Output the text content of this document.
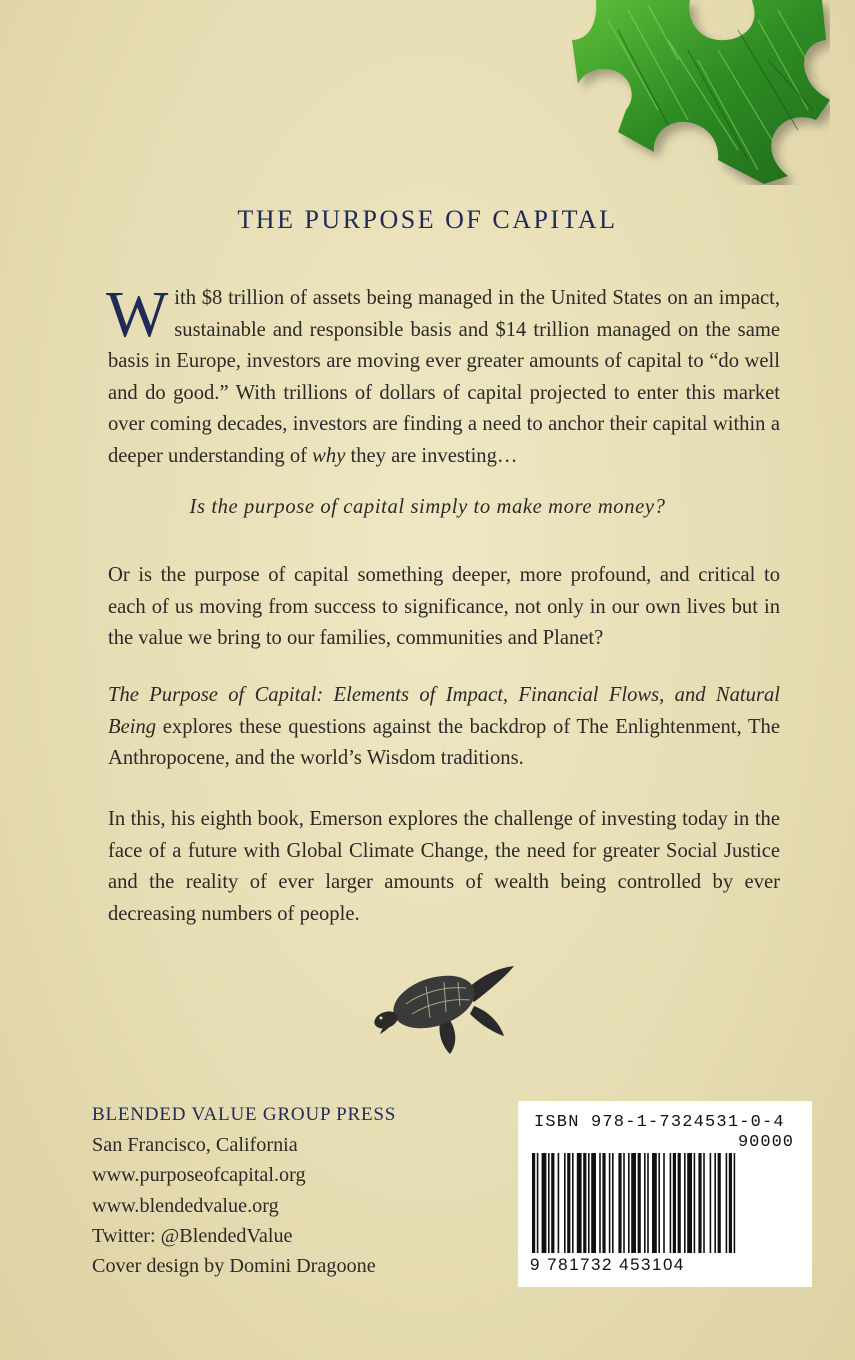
THE PURPOSE OF CAPITAL
With $8 trillion of assets being managed in the United States on an impact, sustainable and responsible basis and $14 trillion managed on the same basis in Europe, investors are moving ever greater amounts of capital to “do well and do good.” With trillions of dollars of capital projected to enter this market over coming decades, investors are finding a need to anchor their capital within a deeper understanding of why they are investing…
Is the purpose of capital simply to make more money?
Or is the purpose of capital something deeper, more profound, and critical to each of us moving from success to significance, not only in our own lives but in the value we bring to our families, communities and Planet?
The Purpose of Capital: Elements of Impact, Financial Flows, and Natural Being explores these questions against the backdrop of The Enlightenment, The Anthropocene, and the world’s Wisdom traditions.
In this, his eighth book, Emerson explores the challenge of investing today in the face of a future with Global Climate Change, the need for greater Social Justice and the reality of ever larger amounts of wealth being controlled by ever decreasing numbers of people.
BLENDED VALUE GROUP PRESS
San Francisco, California
www.purposeofcapital.org
www.blendedvalue.org
Twitter: @BlendedValue
Cover design by Domini Dragoone
ISBN 978-1-7324531-0-4
90000
9 781732 453104
